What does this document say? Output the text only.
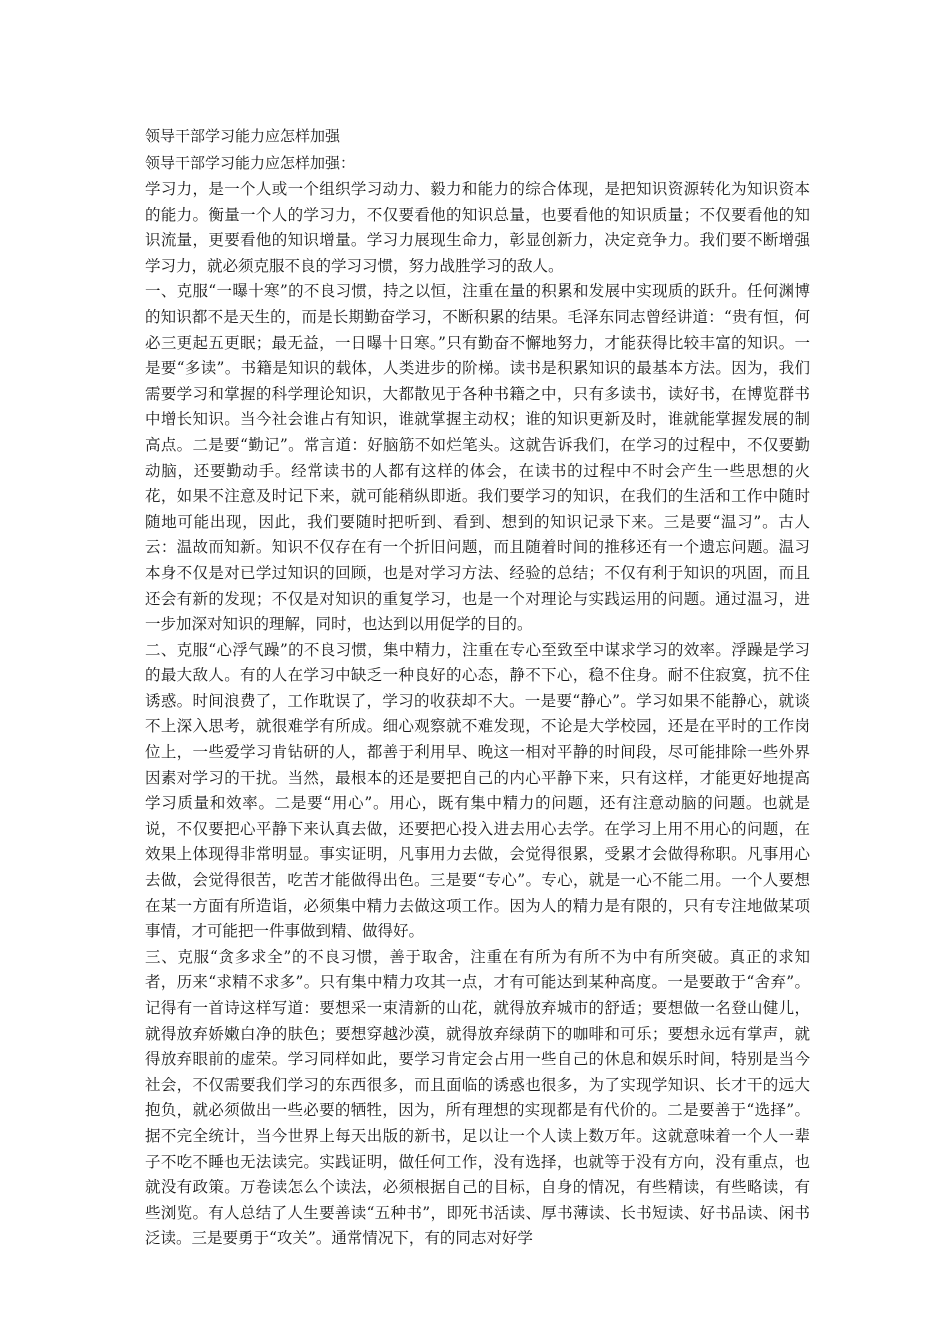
领导干部学习能力应怎样加强

领导干部学习能力应怎样加强：

学习力，是一个人或一个组织学习动力、毅力和能力的综合体现，是把知识资源转化为知识资本的能力。衡量一个人的学习力，不仅要看他的知识总量，也要看他的知识质量；不仅要看他的知识流量，更要看他的知识增量。学习力展现生命力，彰显创新力，决定竞争力。我们要不断增强学习力，就必须克服不良的学习习惯，努力战胜学习的敌人。

一、克服“一曝十寒”的不良习惯，持之以恒，注重在量的积累和发展中实现质的跃升。任何渊博的知识都不是天生的，而是长期勤奋学习，不断积累的结果。毛泽东同志曾经讲道：“贵有恒，何必三更起五更眠；最无益，一日曝十日寒。”只有勤奋不懈地努力，才能获得比较丰富的知识。一是要“多读”。书籍是知识的载体，人类进步的阶梯。读书是积累知识的最基本方法。因为，我们需要学习和掌握的科学理论知识，大都散见于各种书籍之中，只有多读书，读好书，在博览群书中增长知识。当今社会谁占有知识，谁就掌握主动权；谁的知识更新及时，谁就能掌握发展的制高点。二是要“勤记”。常言道：好脑筋不如烂笔头。这就告诉我们，在学习的过程中，不仅要勤动脑，还要勤动手。经常读书的人都有这样的体会，在读书的过程中不时会产生一些思想的火花，如果不注意及时记下来，就可能稍纵即逝。我们要学习的知识，在我们的生活和工作中随时随地可能出现，因此，我们要随时把听到、看到、想到的知识记录下来。三是要“温习”。古人云：温故而知新。知识不仅存在有一个折旧问题，而且随着时间的推移还有一个遗忘问题。温习本身不仅是对已学过知识的回顾，也是对学习方法、经验的总结；不仅有利于知识的巩固，而且还会有新的发现；不仅是对知识的重复学习，也是一个对理论与实践运用的问题。通过温习，进一步加深对知识的理解，同时，也达到以用促学的目的。

二、克服“心浮气躁”的不良习惯，集中精力，注重在专心至致至中谋求学习的效率。浮躁是学习的最大敌人。有的人在学习中缺乏一种良好的心态，静不下心，稳不住身。耐不住寂寞，抗不住诱惑。时间浪费了，工作耽误了，学习的收获却不大。一是要“静心”。学习如果不能静心，就谈不上深入思考，就很难学有所成。细心观察就不难发现，不论是大学校园，还是在平时的工作岗位上，一些爱学习肯钻研的人，都善于利用早、晚这一相对平静的时间段，尽可能排除一些外界因素对学习的干扰。当然，最根本的还是要把自己的内心平静下来，只有这样，才能更好地提高学习质量和效率。二是要“用心”。用心，既有集中精力的问题，还有注意动脑的问题。也就是说，不仅要把心平静下来认真去做，还要把心投入进去用心去学。在学习上用不用心的问题，在效果上体现得非常明显。事实证明，凡事用力去做，会觉得很累，受累才会做得称职。凡事用心去做，会觉得很苦，吃苦才能做得出色。三是要“专心”。专心，就是一心不能二用。一个人要想在某一方面有所造诣，必须集中精力去做这项工作。因为人的精力是有限的，只有专注地做某项事情，才可能把一件事做到精、做得好。

三、克服“贪多求全”的不良习惯，善于取舍，注重在有所为有所不为中有所突破。真正的求知者，历来“求精不求多”。只有集中精力攻其一点，才有可能达到某种高度。一是要敢于“舍弃”。记得有一首诗这样写道：要想采一束清新的山花，就得放弃城市的舒适；要想做一名登山健儿，就得放弃娇嫩白净的肤色；要想穿越沙漠，就得放弃绿荫下的咖啡和可乐；要想永远有掌声，就得放弃眼前的虚荣。学习同样如此，要学习肯定会占用一些自己的休息和娱乐时间，特别是当今社会，不仅需要我们学习的东西很多，而且面临的诱惑也很多，为了实现学知识、长才干的远大抱负，就必须做出一些必要的牺牲，因为，所有理想的实现都是有代价的。二是要善于“选择”。据不完全统计，当今世界上每天出版的新书，足以让一个人读上数万年。这就意味着一个人一辈子不吃不睡也无法读完。实践证明，做任何工作，没有选择，也就等于没有方向，没有重点，也就没有政策。万卷读怎么个读法，必须根据自己的目标，自身的情况，有些精读，有些略读，有些浏览。有人总结了人生要善读“五种书”，即死书活读、厚书薄读、长书短读、好书品读、闲书泛读。三是要勇于“攻关”。通常情况下，有的同志对好学
